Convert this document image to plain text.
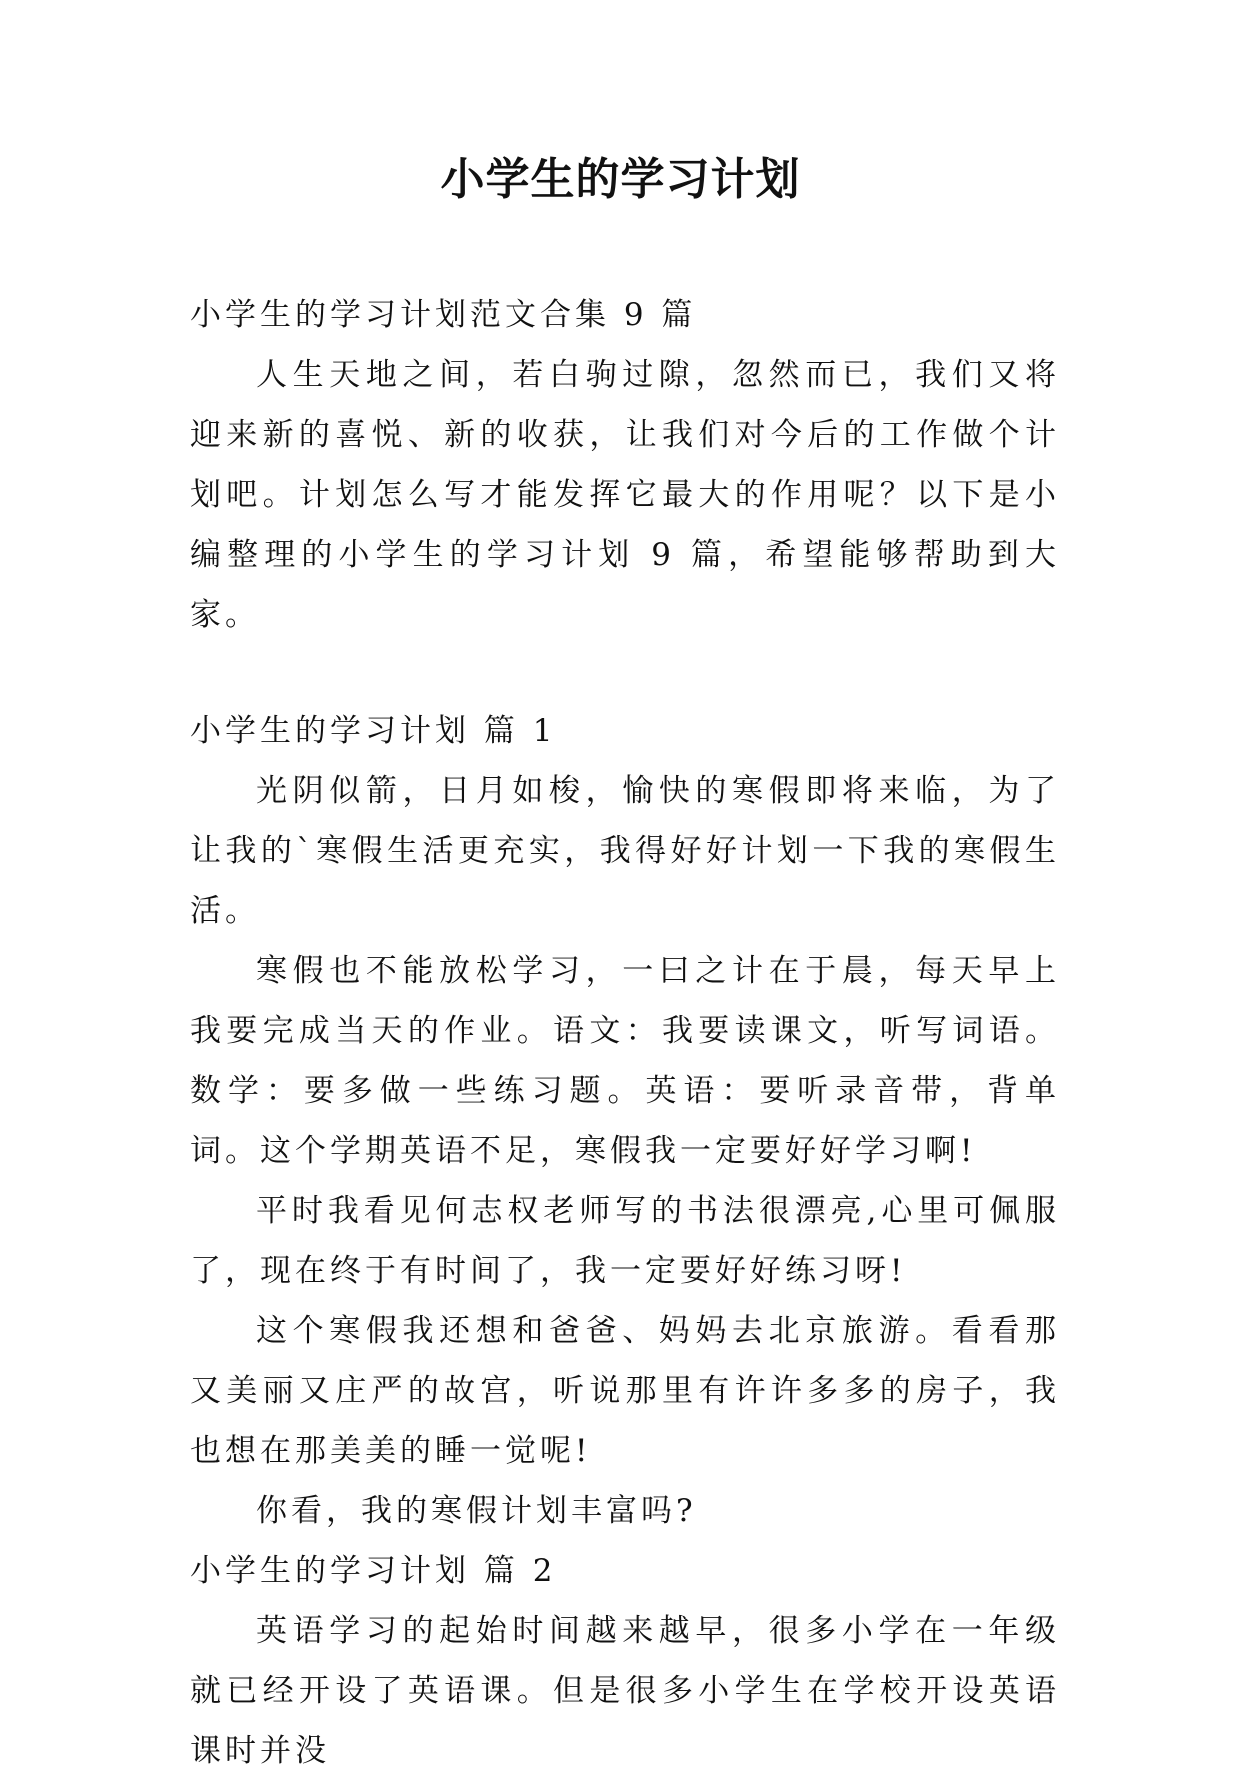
小学生的学习计划

小学生的学习计划范文合集 9 篇

人生天地之间，若白驹过隙，忽然而已，我们又将迎来新的喜悦、新的收获，让我们对今后的工作做个计划吧。计划怎么写才能发挥它最大的作用呢？以下是小编整理的小学生的学习计划 9 篇，希望能够帮助到大家。

小学生的学习计划 篇 1

光阴似箭，日月如梭，愉快的寒假即将来临，为了让我的`寒假生活更充实，我得好好计划一下我的寒假生活。

寒假也不能放松学习，一曰之计在于晨，每天早上我要完成当天的作业。语文：我要读课文，听写词语。数学：要多做一些练习题。英语：要听录音带，背单词。这个学期英语不足，寒假我一定要好好学习啊!

平时我看见何志权老师写的书法很漂亮,心里可佩服了，现在终于有时间了，我一定要好好练习呀!

这个寒假我还想和爸爸、妈妈去北京旅游。看看那又美丽又庄严的故宫，听说那里有许许多多的房子，我也想在那美美的睡一觉呢!

你看，我的寒假计划丰富吗?

小学生的学习计划 篇 2

英语学习的起始时间越来越早，很多小学在一年级就已经开设了英语课。但是很多小学生在学校开设英语课时并没
